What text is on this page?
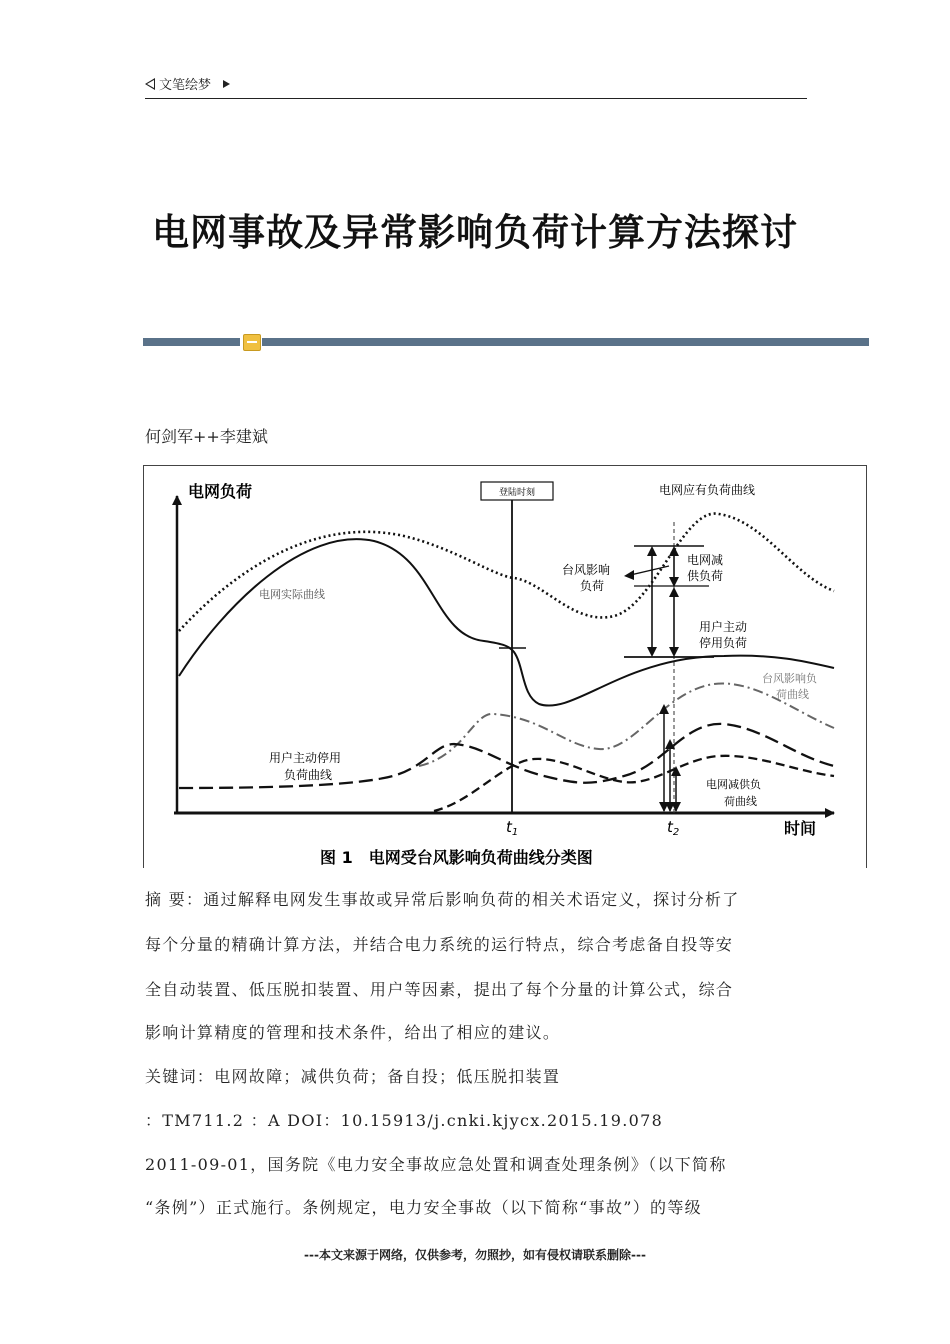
文笔绘梦
电网事故及异常影响负荷计算方法探讨
何剑军++李建斌
电网负荷
时间
登陆时刻
$t_1$	$t_2$
电网应有负荷曲线
台风影响
负荷
电网减
供负荷
用户主动
停用负荷
电网实际曲线
台风影响负
荷曲线
用户主动停用
负荷曲线
电网减供负
荷曲线
图 1　电网受台风影响负荷曲线分类图
摘 要：通过解释电网发生事故或异常后影响负荷的相关术语定义，探讨分析了
每个分量的精确计算方法，并结合电力系统的运行特点，综合考虑备自投等安
全自动装置、低压脱扣装置、用户等因素，提出了每个分量的计算公式，综合
影响计算精度的管理和技术条件，给出了相应的建议。
关键词：电网故障；减供负荷；备自投；低压脱扣装置
：TM711.2 ：A DOI：10.15913/j.cnki.kjycx.2015.19.078
2011-09-01，国务院《电力安全事故应急处置和调查处理条例》（以下简称
“条例”）正式施行。条例规定，电力安全事故（以下简称“事故”）的等级
---本文来源于网络，仅供参考，勿照抄，如有侵权请联系删除---
